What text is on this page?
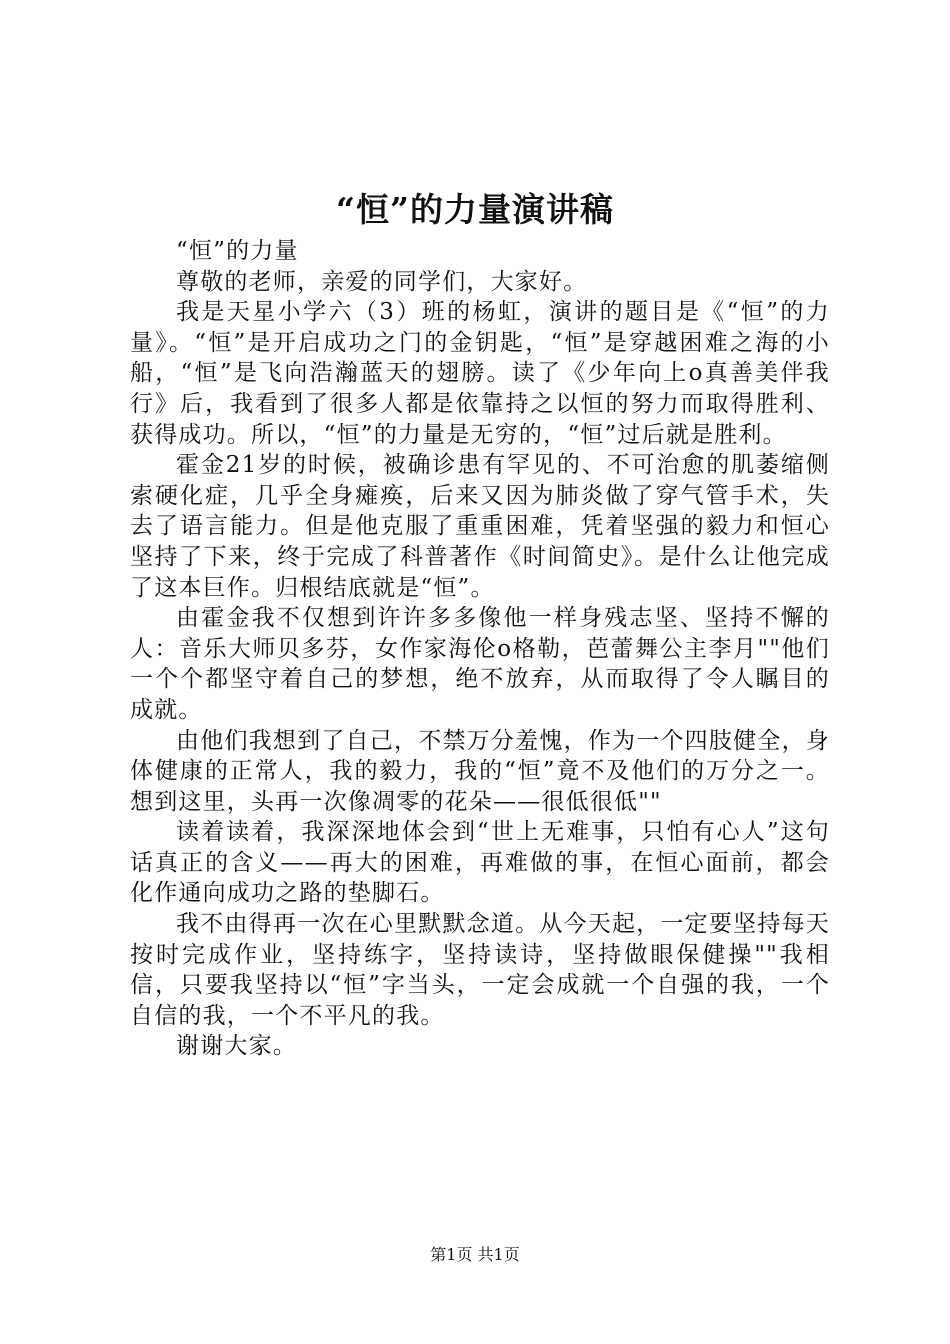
“恒”的力量演讲稿

“恒”的力量

尊敬的老师，亲爱的同学们，大家好。

我是天星小学六（3）班的杨虹，演讲的题目是《“恒”的力量》。“恒”是开启成功之门的金钥匙，“恒”是穿越困难之海的小船，“恒”是飞向浩瀚蓝天的翅膀。读了《少年向上o真善美伴我行》后，我看到了很多人都是依靠持之以恒的努力而取得胜利、获得成功。所以，“恒”的力量是无穷的，“恒”过后就是胜利。

霍金21岁的时候，被确诊患有罕见的、不可治愈的肌萎缩侧索硬化症，几乎全身瘫痪，后来又因为肺炎做了穿气管手术，失去了语言能力。但是他克服了重重困难，凭着坚强的毅力和恒心坚持了下来，终于完成了科普著作《时间简史》。是什么让他完成了这本巨作。归根结底就是“恒”。

由霍金我不仅想到许许多多像他一样身残志坚、坚持不懈的人：音乐大师贝多芬，女作家海伦o格勒，芭蕾舞公主李月""他们一个个都坚守着自己的梦想，绝不放弃，从而取得了令人瞩目的成就。

由他们我想到了自己，不禁万分羞愧，作为一个四肢健全，身体健康的正常人，我的毅力，我的“恒”竟不及他们的万分之一。想到这里，头再一次像凋零的花朵——很低很低""

读着读着，我深深地体会到“世上无难事，只怕有心人”这句话真正的含义——再大的困难，再难做的事，在恒心面前，都会化作通向成功之路的垫脚石。

我不由得再一次在心里默默念道。从今天起，一定要坚持每天按时完成作业，坚持练字，坚持读诗，坚持做眼保健操""我相信，只要我坚持以“恒”字当头，一定会成就一个自强的我，一个自信的我，一个不平凡的我。

谢谢大家。

第1页 共1页
